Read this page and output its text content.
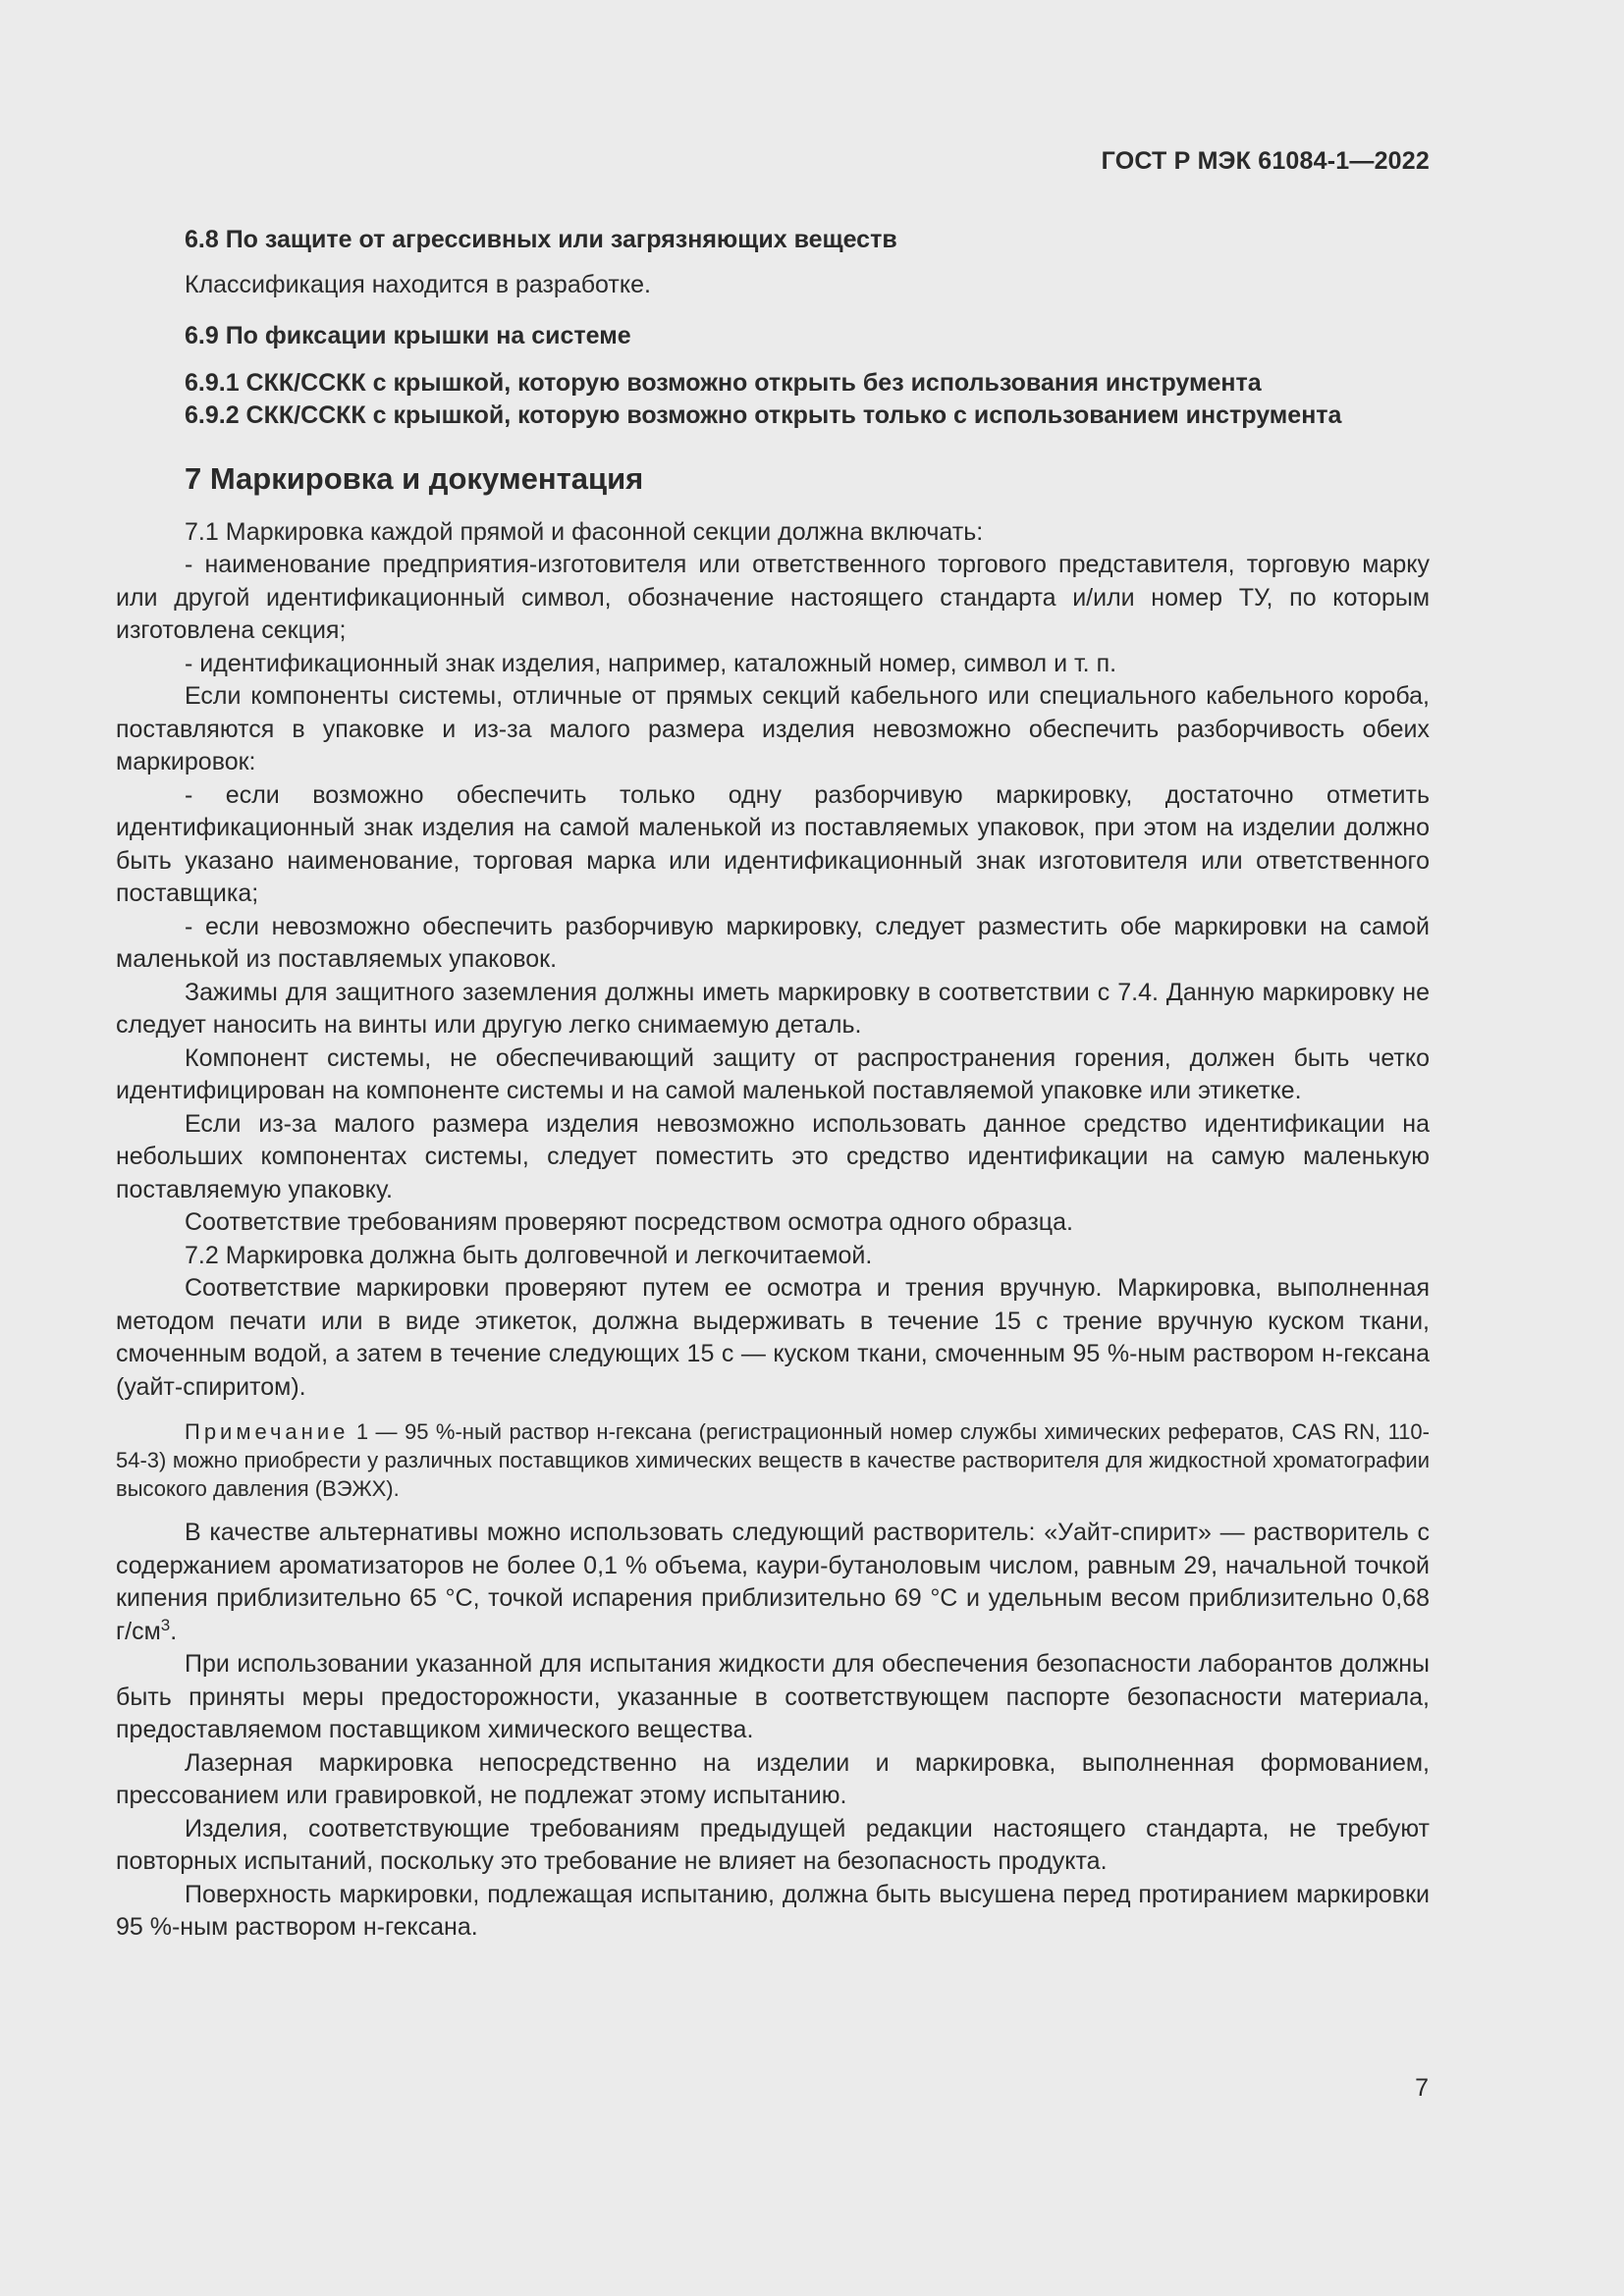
ГОСТ Р МЭК 61084-1—2022

6.8 По защите от агрессивных или загрязняющих веществ

Классификация находится в разработке.

6.9 По фиксации крышки на системе

6.9.1 СКК/ССКК с крышкой, которую возможно открыть без использования инструмента

6.9.2 СКК/ССКК с крышкой, которую возможно открыть только с использованием инструмента

7 Маркировка и документация

7.1 Маркировка каждой прямой и фасонной секции должна включать:

- наименование предприятия-изготовителя или ответственного торгового представителя, торговую марку или другой идентификационный символ, обозначение настоящего стандарта и/или номер ТУ, по которым изготовлена секция;

- идентификационный знак изделия, например, каталожный номер, символ и т. п.

Если компоненты системы, отличные от прямых секций кабельного или специального кабельного короба, поставляются в упаковке и из-за малого размера изделия невозможно обеспечить разборчивость обеих маркировок:

- если возможно обеспечить только одну разборчивую маркировку, достаточно отметить идентификационный знак изделия на самой маленькой из поставляемых упаковок, при этом на изделии должно быть указано наименование, торговая марка или идентификационный знак изготовителя или ответственного поставщика;

- если невозможно обеспечить разборчивую маркировку, следует разместить обе маркировки на самой маленькой из поставляемых упаковок.

Зажимы для защитного заземления должны иметь маркировку в соответствии с 7.4. Данную маркировку не следует наносить на винты или другую легко снимаемую деталь.

Компонент системы, не обеспечивающий защиту от распространения горения, должен быть четко идентифицирован на компоненте системы и на самой маленькой поставляемой упаковке или этикетке.

Если из-за малого размера изделия невозможно использовать данное средство идентификации на небольших компонентах системы, следует поместить это средство идентификации на самую маленькую поставляемую упаковку.

Соответствие требованиям проверяют посредством осмотра одного образца.

7.2 Маркировка должна быть долговечной и легкочитаемой.

Соответствие маркировки проверяют путем ее осмотра и трения вручную. Маркировка, выполненная методом печати или в виде этикеток, должна выдерживать в течение 15 с трение вручную куском ткани, смоченным водой, а затем в течение следующих 15 с — куском ткани, смоченным 95 %-ным раствором н-гексана (уайт-спиритом).

Примечание 1 — 95 %-ный раствор н-гексана (регистрационный номер службы химических рефератов, CAS RN, 110-54-3) можно приобрести у различных поставщиков химических веществ в качестве растворителя для жидкостной хроматографии высокого давления (ВЭЖХ).

В качестве альтернативы можно использовать следующий растворитель: «Уайт-спирит» — растворитель с содержанием ароматизаторов не более 0,1 % объема, каури-бутаноловым числом, равным 29, начальной точкой кипения приблизительно 65 °С, точкой испарения приблизительно 69 °С и удельным весом приблизительно 0,68 $г/см^3$.

При использовании указанной для испытания жидкости для обеспечения безопасности лаборантов должны быть приняты меры предосторожности, указанные в соответствующем паспорте безопасности материала, предоставляемом поставщиком химического вещества.

Лазерная маркировка непосредственно на изделии и маркировка, выполненная формованием, прессованием или гравировкой, не подлежат этому испытанию.

Изделия, соответствующие требованиям предыдущей редакции настоящего стандарта, не требуют повторных испытаний, поскольку это требование не влияет на безопасность продукта.

Поверхность маркировки, подлежащая испытанию, должна быть высушена перед протиранием маркировки 95 %-ным раствором н-гексана.

7
